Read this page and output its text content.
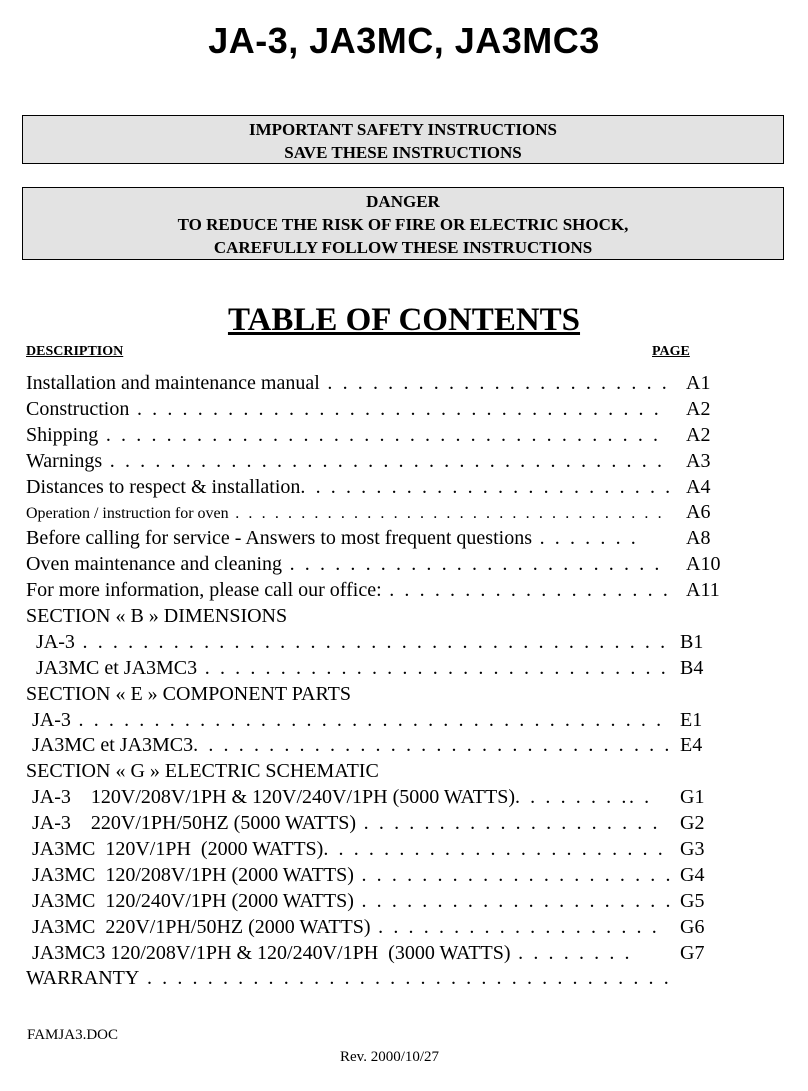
JA-3, JA3MC, JA3MC3
IMPORTANT SAFETY INSTRUCTIONS
SAVE THESE INSTRUCTIONS
DANGER
TO REDUCE THE RISK OF FIRE OR ELECTRIC SHOCK,
CAREFULLY FOLLOW THESE INSTRUCTIONS
TABLE OF CONTENTS
DESCRIPTION	PAGE
Installation and maintenance manual . . . . . . . . . . . . . . . . . . . . . . . A1
Construction . . . . . . . . . . . . . . . . . . . . . . . . . . . . . . . . . . . A2
Shipping . . . . . . . . . . . . . . . . . . . . . . . . . . . . . . . . . . . . . A2
Warnings . . . . . . . . . . . . . . . . . . . . . . . . . . . . . . . . . . . . . A3
Distances to respect & installation. . . . . . . . . . . . . . . . . . . . . . . . . A4
Operation / instruction for oven . . . . . . . . . . . . . . . . . . . . . . . . . . . . . . . . . A6
Before calling for service - Answers to most frequent questions . . . . . . . A8
Oven maintenance and cleaning . . . . . . . . . . . . . . . . . . . . . . . . . A10
For more information, please call our office: . . . . . . . . . . . . . . . . . . . A11
SECTION « B » DIMENSIONS
JA-3 . . . . . . . . . . . . . . . . . . . . . . . . . . . . . . . . . . . . . . . B1
JA3MC et JA3MC3 . . . . . . . . . . . . . . . . . . . . . . . . . . . . . . . B4
SECTION « E » COMPONENT PARTS
JA-3 . . . . . . . . . . . . . . . . . . . . . . . . . . . . . . . . . . . . . . . E1
JA3MC et JA3MC3. . . . . . . . . . . . . . . . . . . . . . . . . . . . . . . . E4
SECTION « G » ELECTRIC SCHEMATIC
JA-3    120V/208V/1PH & 120V/240V/1PH (5000 WATTS). . . . . . . .. . G1
JA-3    220V/1PH/50HZ (5000 WATTS) . . . . . . . . . . . . . . . . . . . . G2
JA3MC  120V/1PH  (2000 WATTS). . . . . . . . . . . . . . . . . . . . . . . G3
JA3MC  120/208V/1PH (2000 WATTS) . . . . . . . . . . . . . . . . . . . . . G4
JA3MC  120/240V/1PH (2000 WATTS) . . . . . . . . . . . . . . . . . . . . . G5
JA3MC  220V/1PH/50HZ (2000 WATTS) . . . . . . . . . . . . . . . . . . . G6
JA3MC3 120/208V/1PH & 120/240V/1PH  (3000 WATTS) . . . . . . . . G7
WARRANTY . . . . . . . . . . . . . . . . . . . . . . . . . . . . . . . . . . .
FAMJA3.DOC
Rev. 2000/10/27
